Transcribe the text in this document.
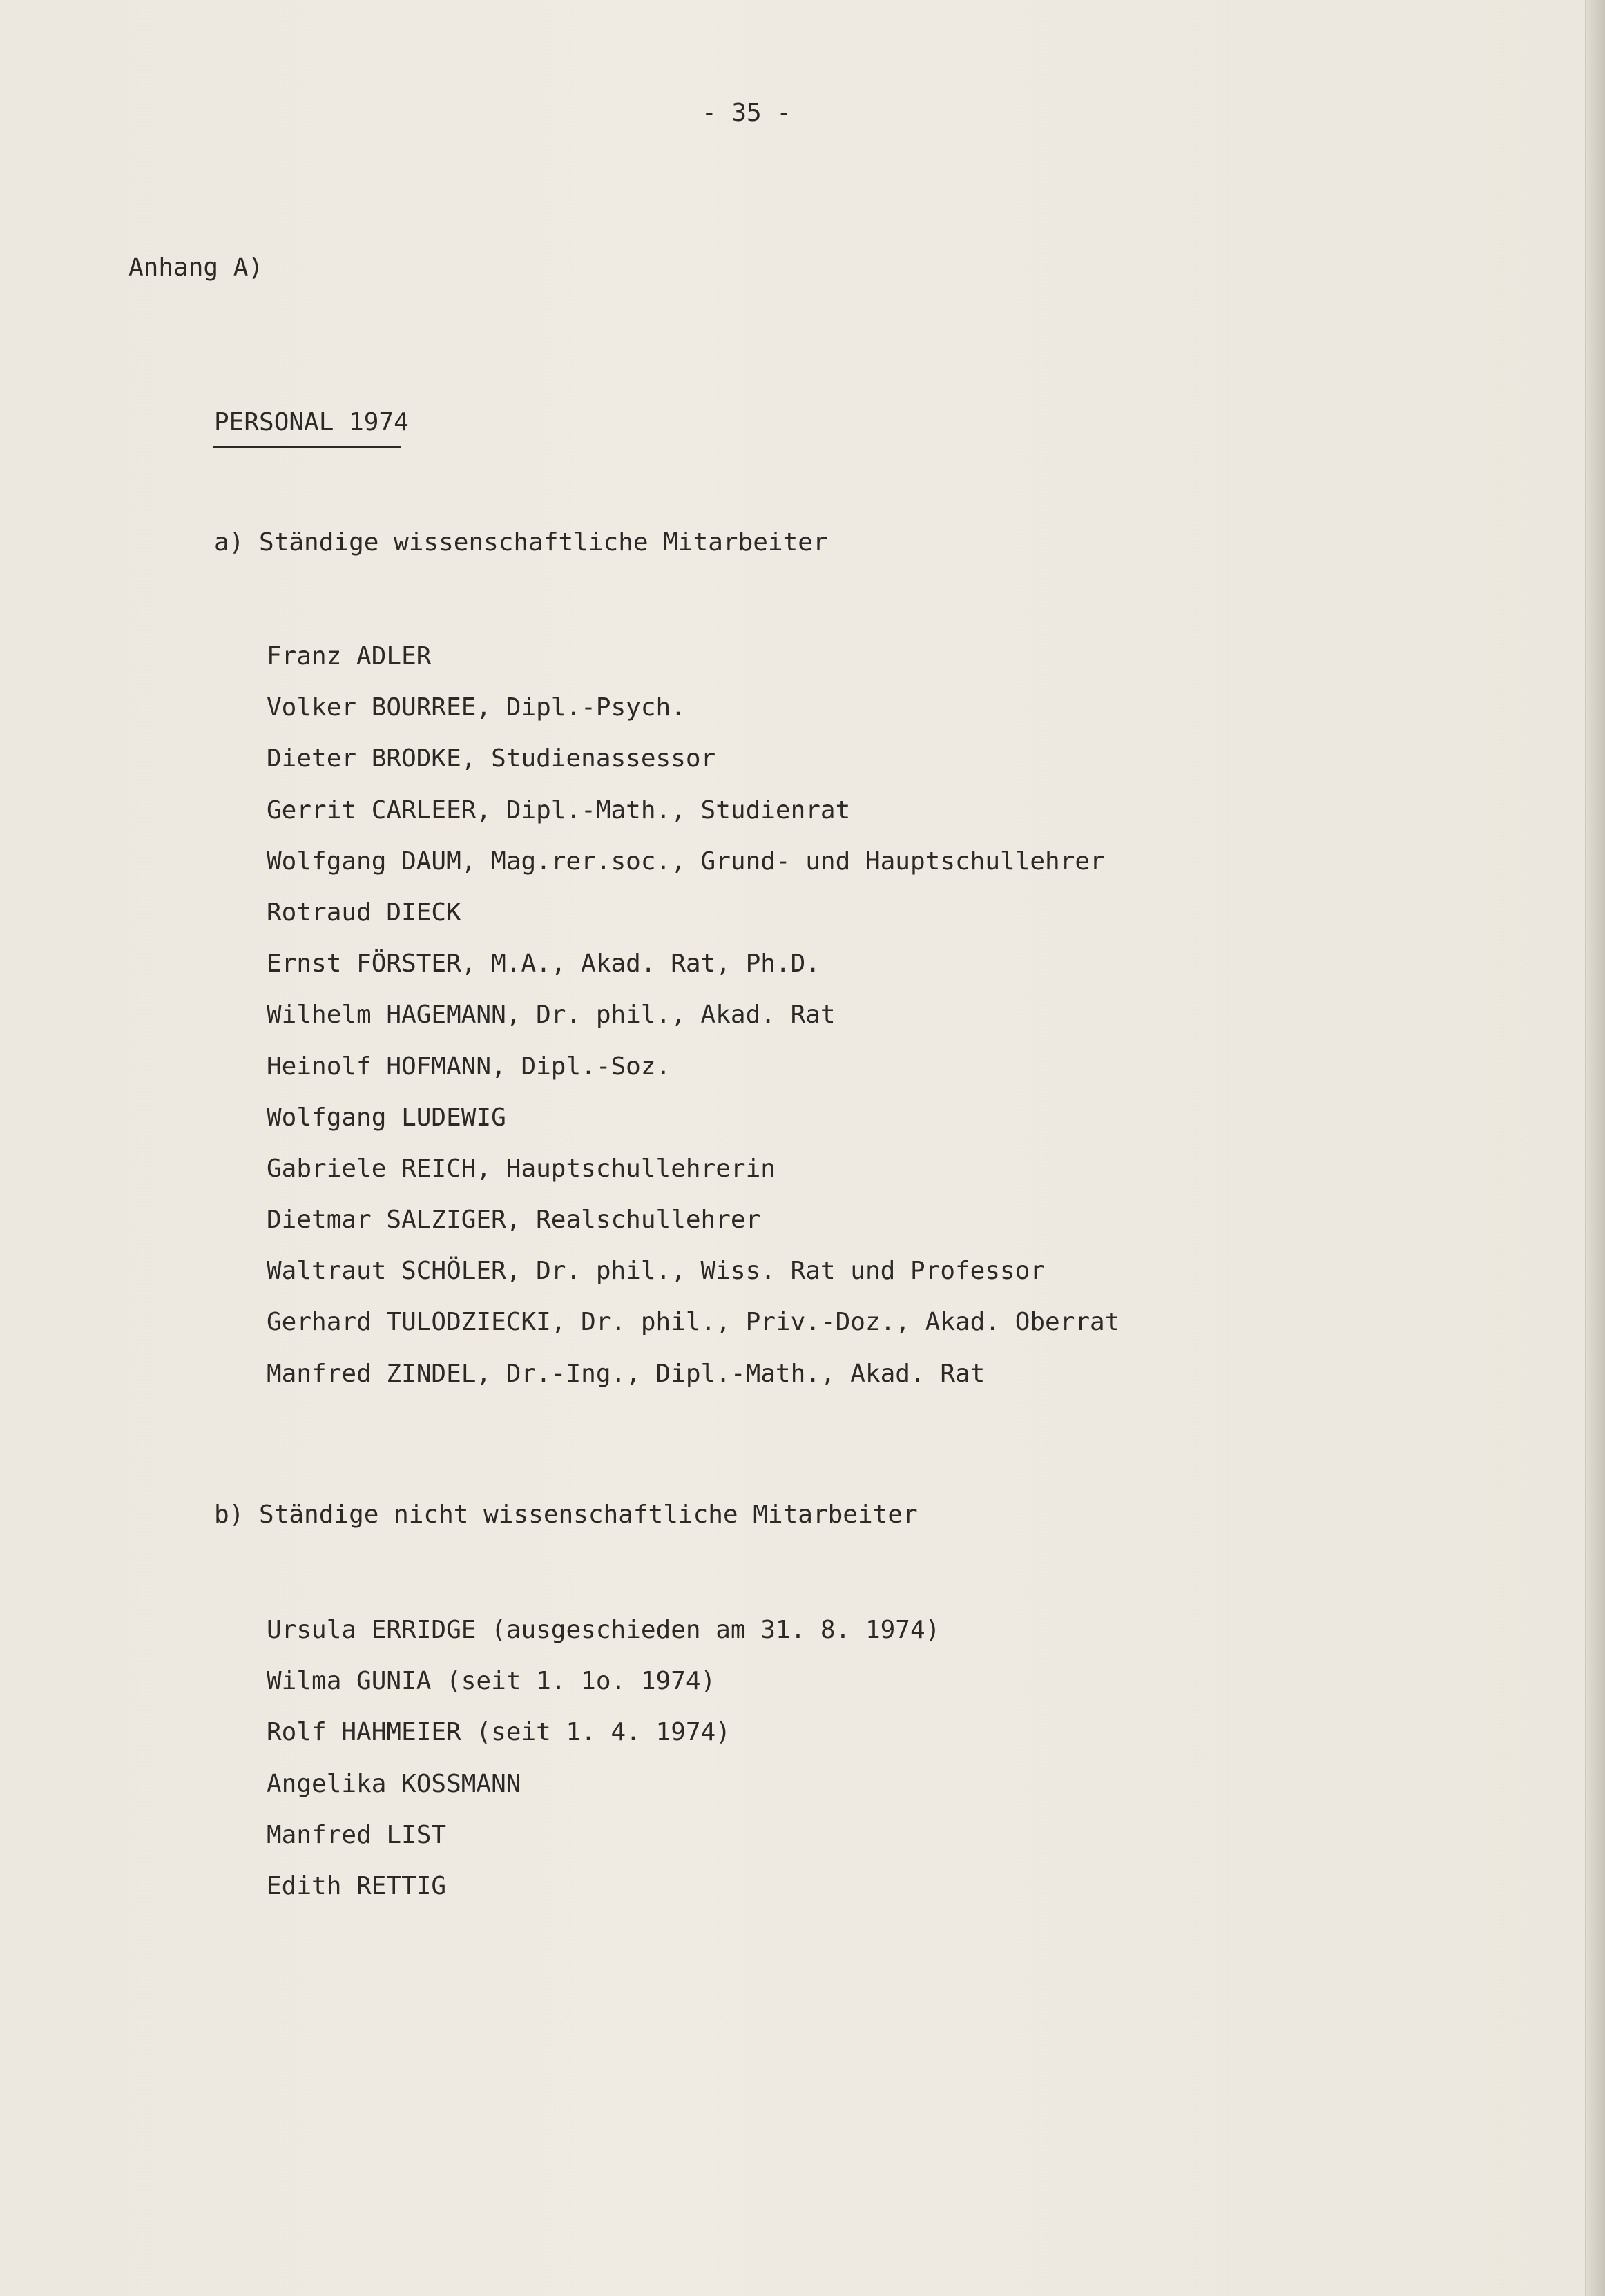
- 35 -
Anhang A)
PERSONAL 1974
a) Ständige wissenschaftliche Mitarbeiter
Franz ADLER
Volker BOURREE, Dipl.-Psych.
Dieter BRODKE, Studienassessor
Gerrit CARLEER, Dipl.-Math., Studienrat
Wolfgang DAUM, Mag.rer.soc., Grund- und Hauptschullehrer
Rotraud DIECK
Ernst FÖRSTER, M.A., Akad. Rat, Ph.D.
Wilhelm HAGEMANN, Dr. phil., Akad. Rat
Heinolf HOFMANN, Dipl.-Soz.
Wolfgang LUDEWIG
Gabriele REICH, Hauptschullehrerin
Dietmar SALZIGER, Realschullehrer
Waltraut SCHÖLER, Dr. phil., Wiss. Rat und Professor
Gerhard TULODZIECKI, Dr. phil., Priv.-Doz., Akad. Oberrat
Manfred ZINDEL, Dr.-Ing., Dipl.-Math., Akad. Rat
b) Ständige nicht wissenschaftliche Mitarbeiter
Ursula ERRIDGE (ausgeschieden am 31. 8. 1974)
Wilma GUNIA (seit 1. 1o. 1974)
Rolf HAHMEIER (seit 1. 4. 1974)
Angelika KOSSMANN
Manfred LIST
Edith RETTIG
